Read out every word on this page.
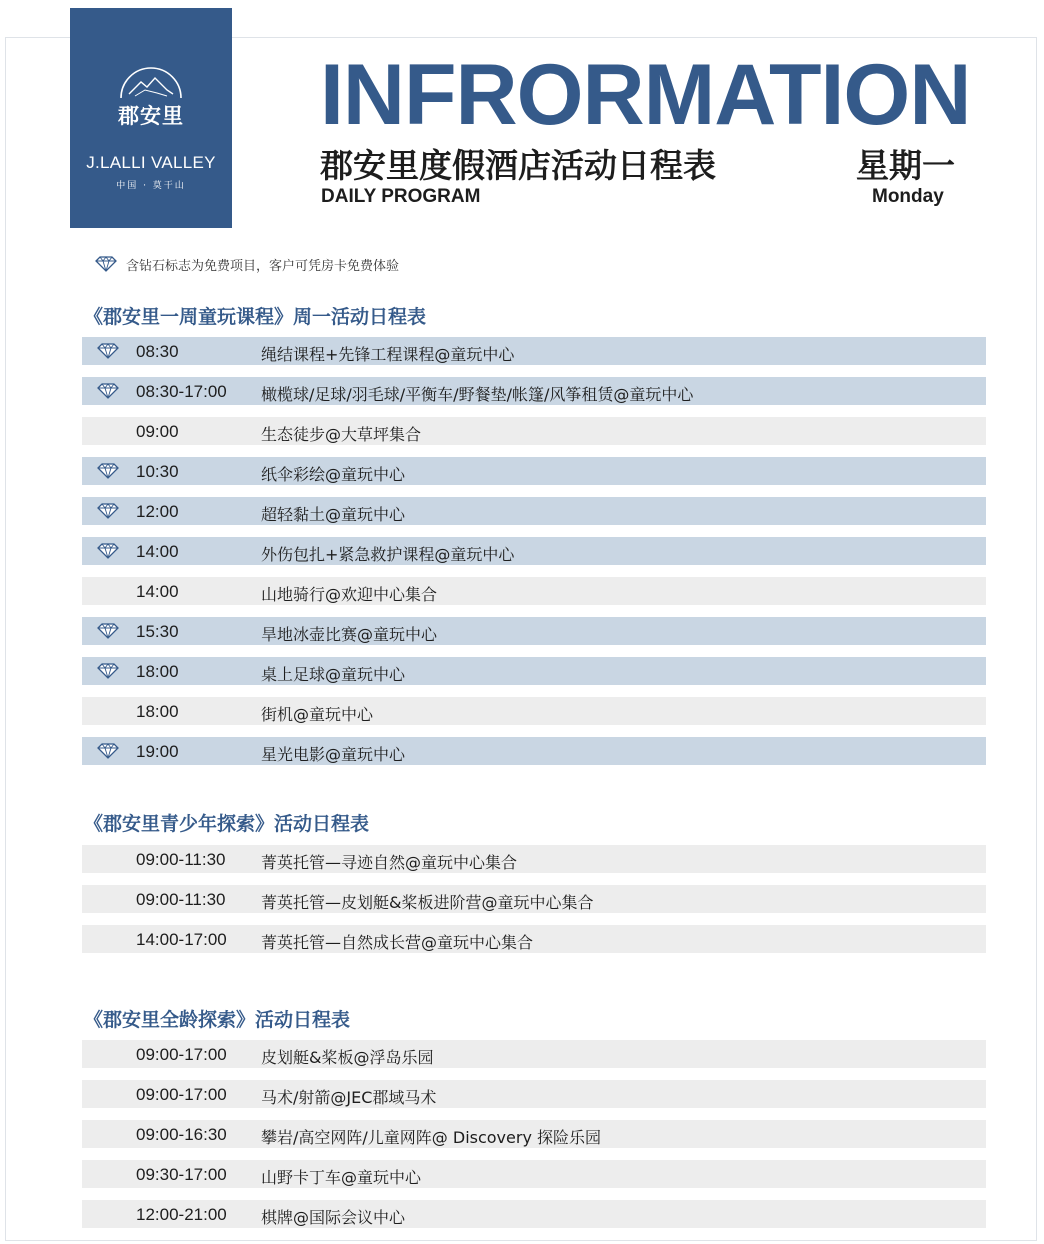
郡安里
J.LALLI VALLEY
中国 · 莫干山
INFRORMATION
郡安里度假酒店活动日程表	星期一
DAILY PROGRAM	Monday
含钻石标志为免费项目，客户可凭房卡免费体验
《郡安里一周童玩课程》周一活动日程表
08:30	绳结课程+先锋工程课程@童玩中心
08:30-17:00 橄榄球/足球/羽毛球/平衡车/野餐垫/帐篷/风筝租赁@童玩中心
09:00	生态徒步@大草坪集合
10:30	纸伞彩绘@童玩中心
12:00	超轻黏土@童玩中心
14:00	外伤包扎+紧急救护课程@童玩中心
14:00	山地骑行@欢迎中心集合
15:30	旱地冰壶比赛@童玩中心
18:00	桌上足球@童玩中心
18:00	街机@童玩中心
19:00	星光电影@童玩中心
《郡安里青少年探索》活动日程表
09:00-11:30 菁英托管—寻迹自然@童玩中心集合
09:00-11:30 菁英托管—皮划艇&桨板进阶营@童玩中心集合
14:00-17:00 菁英托管—自然成长营@童玩中心集合
《郡安里全龄探索》活动日程表
09:00-17:00 皮划艇&桨板@浮岛乐园
09:00-17:00 马术/射箭@JEC郡域马术
09:00-16:30 攀岩/高空网阵/儿童网阵@ Discovery 探险乐园
09:30-17:00 山野卡丁车@童玩中心
12:00-21:00 棋牌@国际会议中心
